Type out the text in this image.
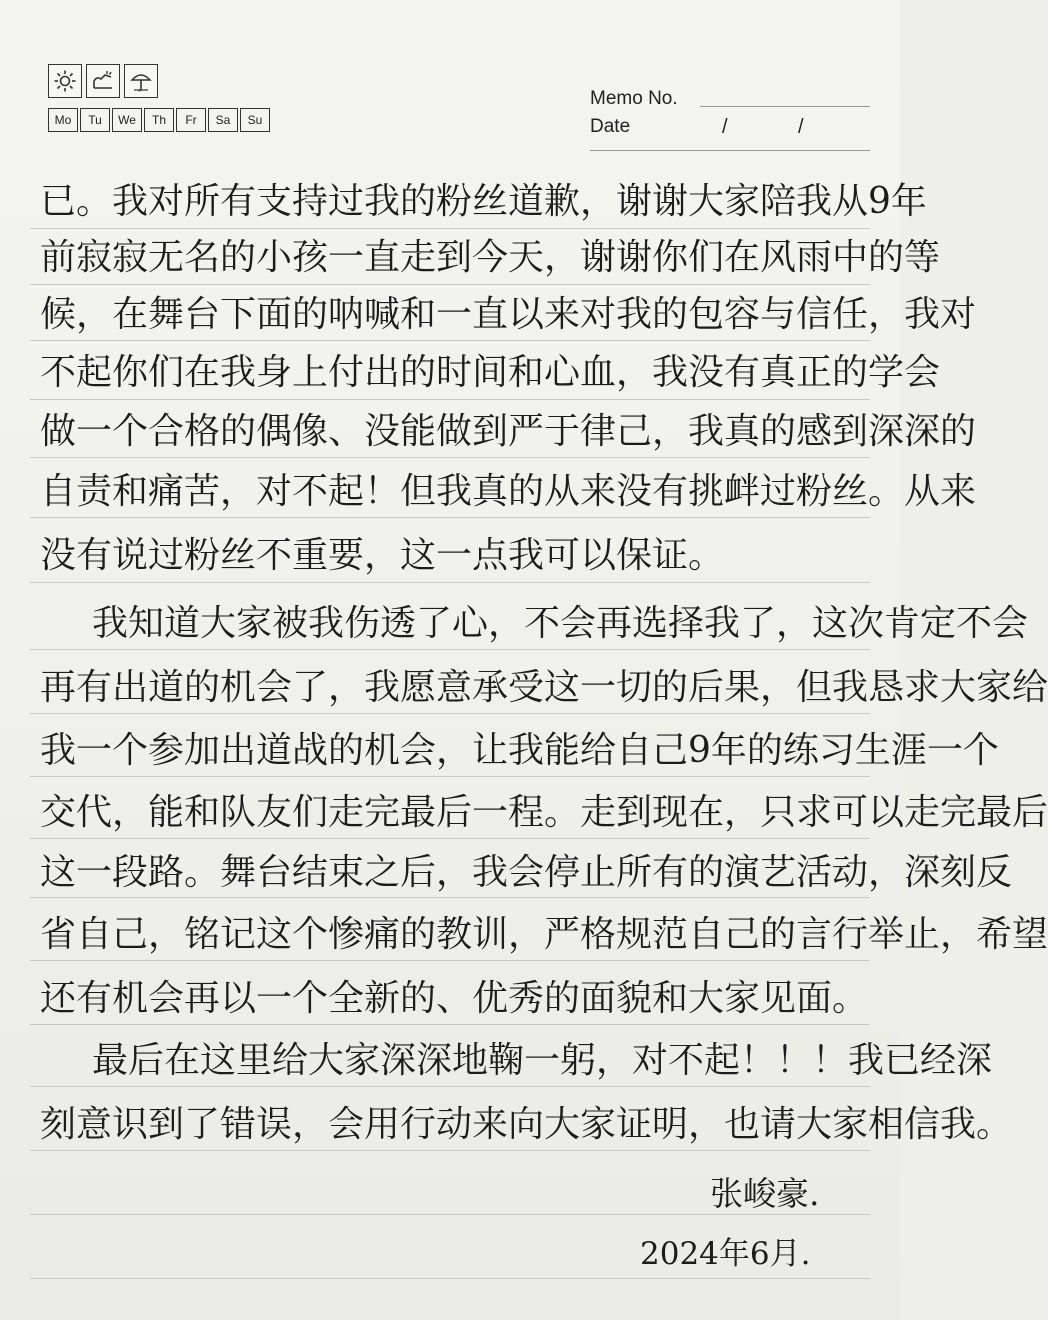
Mo	Tu	We	Th	Fr	Sa	Su
Memo No.
Date	/	/
已。我对所有支持过我的粉丝道歉，谢谢大家陪我从9年
前寂寂无名的小孩一直走到今天，谢谢你们在风雨中的等
候，在舞台下面的呐喊和一直以来对我的包容与信任，我对
不起你们在我身上付出的时间和心血，我没有真正的学会
做一个合格的偶像、没能做到严于律己，我真的感到深深的
自责和痛苦，对不起！但我真的从来没有挑衅过粉丝。从来
没有说过粉丝不重要，这一点我可以保证。
我知道大家被我伤透了心，不会再选择我了，这次肯定不会
再有出道的机会了，我愿意承受这一切的后果，但我恳求大家给
我一个参加出道战的机会，让我能给自己9年的练习生涯一个
交代，能和队友们走完最后一程。走到现在，只求可以走完最后
这一段路。舞台结束之后，我会停止所有的演艺活动，深刻反
省自己，铭记这个惨痛的教训，严格规范自己的言行举止，希望
还有机会再以一个全新的、优秀的面貌和大家见面。
最后在这里给大家深深地鞠一躬，对不起！！！我已经深
刻意识到了错误，会用行动来向大家证明，也请大家相信我。
张峻豪.
2024年6月.
